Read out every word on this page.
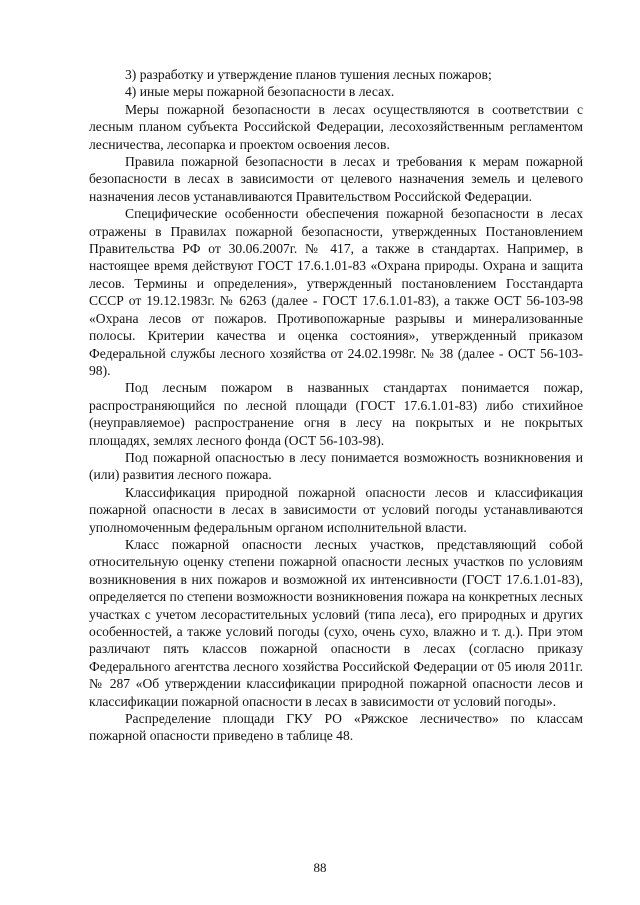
3) разработку и утверждение планов тушения лесных пожаров;

4) иные меры пожарной безопасности в лесах.

Меры пожарной безопасности в лесах осуществляются в соответствии с лесным планом субъекта Российской Федерации, лесохозяйственным регламентом лесничества, лесопарка и проектом освоения лесов.

Правила пожарной безопасности в лесах и требования к мерам пожарной безопасности в лесах в зависимости от целевого назначения земель и целевого назначения лесов устанавливаются Правительством Российской Федерации.

Специфические особенности обеспечения пожарной безопасности в лесах отражены в Правилах пожарной безопасности, утвержденных Постановлением Правительства РФ от 30.06.2007г. № 417, а также в стандартах. Например, в настоящее время действуют ГОСТ 17.6.1.01-83 «Охрана природы. Охрана и защита лесов. Термины и определения», утвержденный постановлением Госстандарта СССР от 19.12.1983г. № 6263 (далее - ГОСТ 17.6.1.01-83), а также ОСТ 56-103-98 «Охрана лесов от пожаров. Противопожарные разрывы и минерализованные полосы. Критерии качества и оценка состояния», утвержденный приказом Федеральной службы лесного хозяйства от 24.02.1998г. № 38 (далее - ОСТ 56-103-98).

Под лесным пожаром в названных стандартах понимается пожар, распространяющийся по лесной площади (ГОСТ 17.6.1.01-83) либо стихийное (неуправляемое) распространение огня в лесу на покрытых и не покрытых площадях, землях лесного фонда (ОСТ 56-103-98).

Под пожарной опасностью в лесу понимается возможность возникновения и (или) развития лесного пожара.

Классификация природной пожарной опасности лесов и классификация пожарной опасности в лесах в зависимости от условий погоды устанавливаются уполномоченным федеральным органом исполнительной власти.

Класс пожарной опасности лесных участков, представляющий собой относительную оценку степени пожарной опасности лесных участков по условиям возникновения в них пожаров и возможной их интенсивности (ГОСТ 17.6.1.01-83), определяется по степени возможности возникновения пожара на конкретных лесных участках с учетом лесорастительных условий (типа леса), его природных и других особенностей, а также условий погоды (сухо, очень сухо, влажно и т. д.). При этом различают пять классов пожарной опасности в лесах (согласно приказу Федерального агентства лесного хозяйства Российской Федерации от 05 июля 2011г. № 287 «Об утверждении классификации природной пожарной опасности лесов и классификации пожарной опасности в лесах в зависимости от условий погоды».

Распределение площади ГКУ РО «Ряжское лесничество» по классам пожарной опасности приведено в таблице 48.

88
